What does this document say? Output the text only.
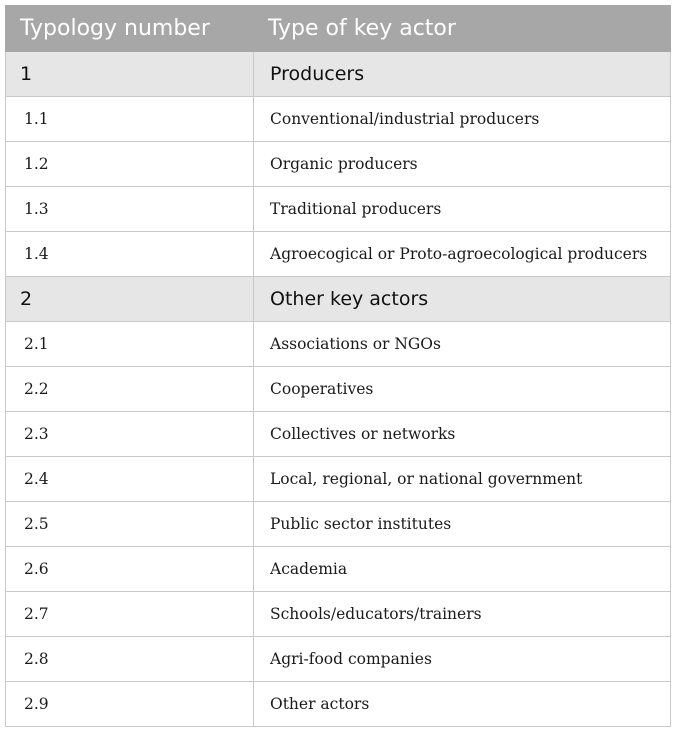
Typology number	Type of key actor
1	Producers
1.1	Conventional/industrial producers
1.2	Organic producers
1.3	Traditional producers
1.4	Agroecogical or Proto-agroecological producers
2	Other key actors
2.1	Associations or NGOs
2.2	Cooperatives
2.3	Collectives or networks
2.4	Local, regional, or national government
2.5	Public sector institutes
2.6	Academia
2.7	Schools/educators/trainers
2.8	Agri-food companies
2.9	Other actors
